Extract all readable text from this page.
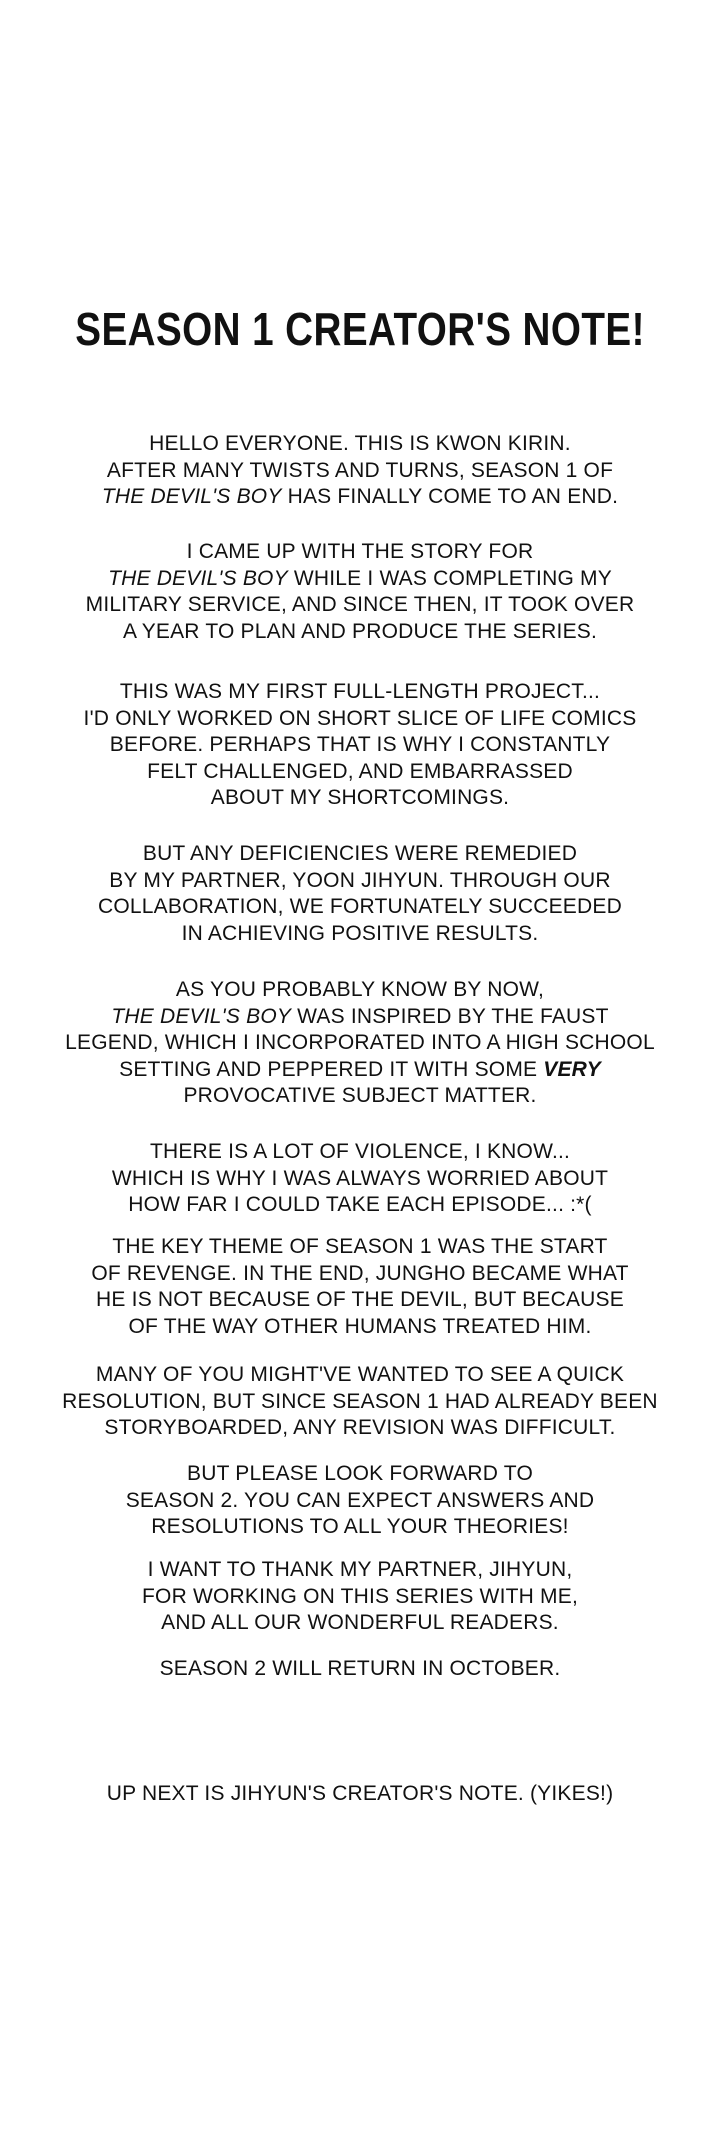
SEASON 1 CREATOR'S NOTE!
HELLO EVERYONE. THIS IS KWON KIRIN.
AFTER MANY TWISTS AND TURNS, SEASON 1 OF
THE DEVIL'S BOY HAS FINALLY COME TO AN END.
I CAME UP WITH THE STORY FOR
THE DEVIL'S BOY WHILE I WAS COMPLETING MY
MILITARY SERVICE, AND SINCE THEN, IT TOOK OVER
A YEAR TO PLAN AND PRODUCE THE SERIES.
THIS WAS MY FIRST FULL-LENGTH PROJECT...
I'D ONLY WORKED ON SHORT SLICE OF LIFE COMICS
BEFORE. PERHAPS THAT IS WHY I CONSTANTLY
FELT CHALLENGED, AND EMBARRASSED
ABOUT MY SHORTCOMINGS.
BUT ANY DEFICIENCIES WERE REMEDIED
BY MY PARTNER, YOON JIHYUN. THROUGH OUR
COLLABORATION, WE FORTUNATELY SUCCEEDED
IN ACHIEVING POSITIVE RESULTS.
AS YOU PROBABLY KNOW BY NOW,
THE DEVIL'S BOY WAS INSPIRED BY THE FAUST
LEGEND, WHICH I INCORPORATED INTO A HIGH SCHOOL
SETTING AND PEPPERED IT WITH SOME VERY
PROVOCATIVE SUBJECT MATTER.
THERE IS A LOT OF VIOLENCE, I KNOW...
WHICH IS WHY I WAS ALWAYS WORRIED ABOUT
HOW FAR I COULD TAKE EACH EPISODE... :*(
THE KEY THEME OF SEASON 1 WAS THE START
OF REVENGE. IN THE END, JUNGHO BECAME WHAT
HE IS NOT BECAUSE OF THE DEVIL, BUT BECAUSE
OF THE WAY OTHER HUMANS TREATED HIM.
MANY OF YOU MIGHT'VE WANTED TO SEE A QUICK
RESOLUTION, BUT SINCE SEASON 1 HAD ALREADY BEEN
STORYBOARDED, ANY REVISION WAS DIFFICULT.
BUT PLEASE LOOK FORWARD TO
SEASON 2. YOU CAN EXPECT ANSWERS AND
RESOLUTIONS TO ALL YOUR THEORIES!
I WANT TO THANK MY PARTNER, JIHYUN,
FOR WORKING ON THIS SERIES WITH ME,
AND ALL OUR WONDERFUL READERS.
SEASON 2 WILL RETURN IN OCTOBER.
UP NEXT IS JIHYUN'S CREATOR'S NOTE. (YIKES!)
